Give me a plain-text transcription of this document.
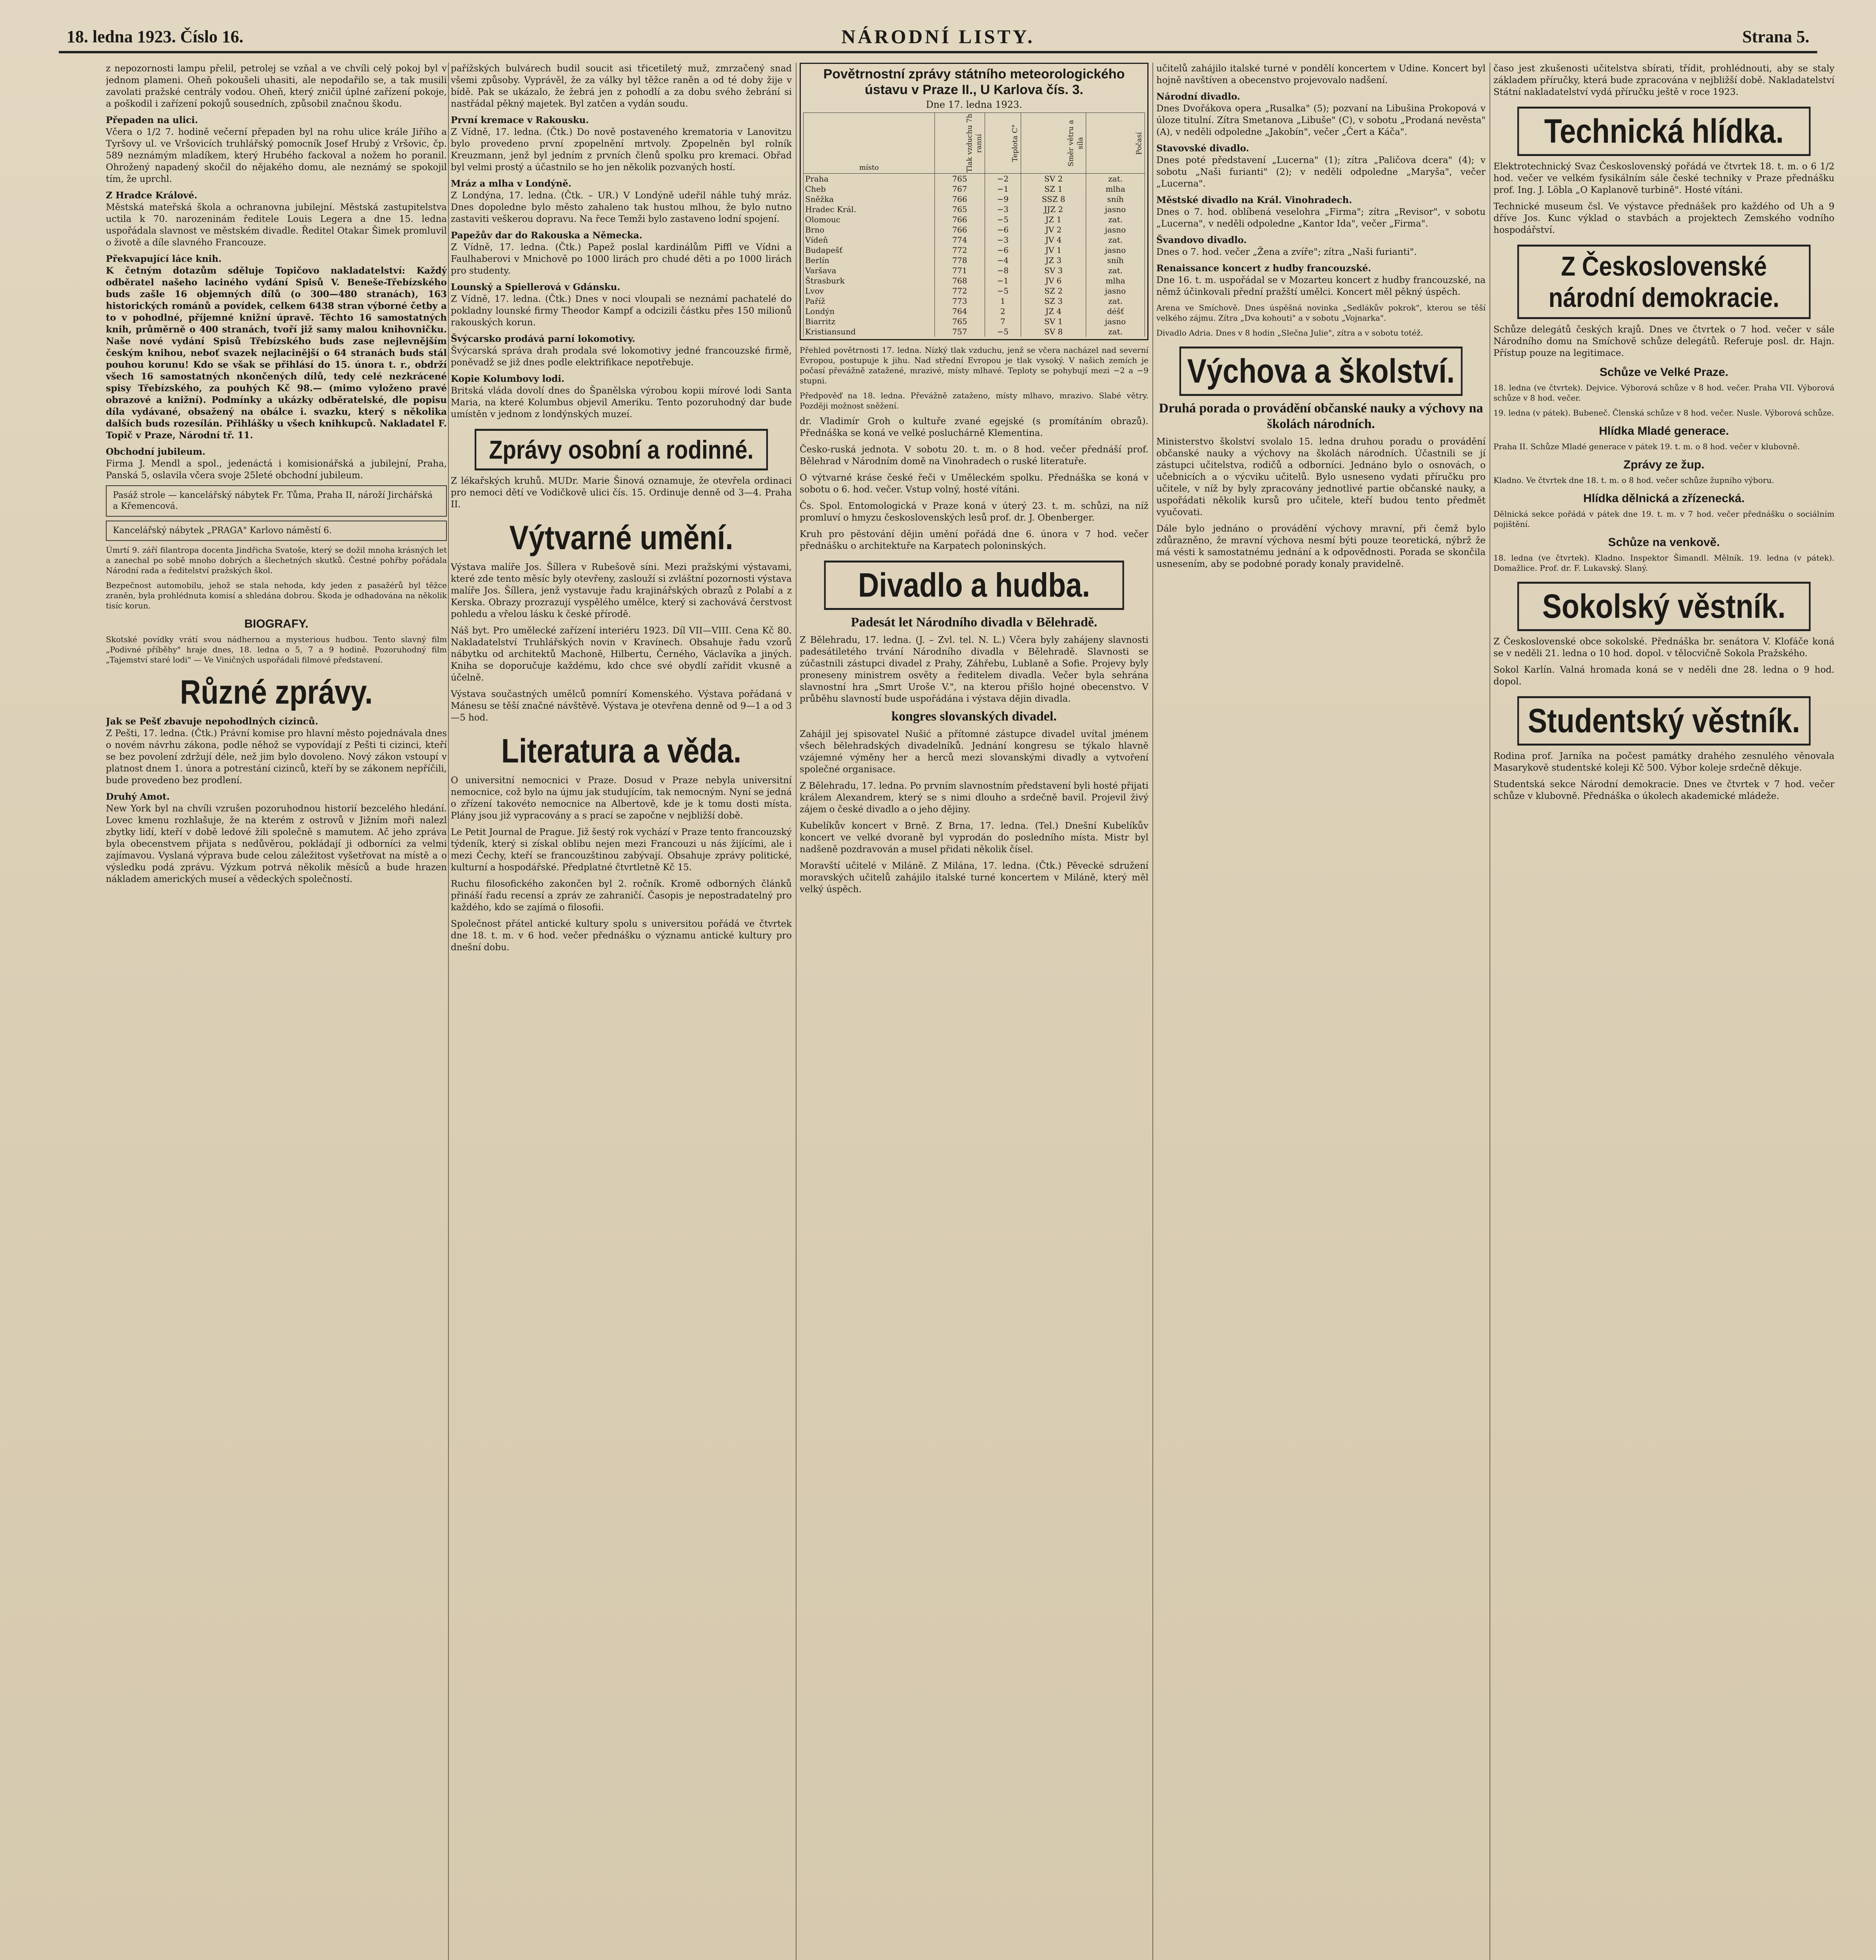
18. ledna 1923. Číslo 16.	NÁRODNÍ LISTY.	Strana 5.

z nepozornosti lampu přelil, petrolej se vzňal a ve chvíli celý pokoj byl v jednom plameni. Oheň pokoušeli uhasiti, ale nepodařilo se, a tak musili zavolati pražské centrály vodou. Oheň, který zničil úplné zařízení pokoje, a poškodil i zařízení pokojů sousedních, způsobil značnou škodu.

Přepaden na ulici.

Včera o 1/2 7. hodině večerní přepaden byl na rohu ulice krále Jiřího a Tyršovy ul. ve Vršovicích truhlářský pomocník Josef Hrubý z Vršovic, čp. 589 neznámým mladíkem, který Hrubého fackoval a nožem ho poranil. Ohrožený napadený skočil do nějakého domu, ale neznámý se spokojil tím, že uprchl.

Z Hradce Králové.

Městská mateřská škola a ochranovna jubilejní. Městská zastupitelstva uctila k 70. narozeninám ředitele Louis Legera a dne 15. ledna uspořádala slavnost ve městském divadle. Ředitel Otakar Šimek promluvil o životě a díle slavného Francouze.

Překvapující láce knih.

K četným dotazům sděluje Topičovo nakladatelství: Každý odběratel našeho laciného vydání Spisů V. Beneše-Třebízského buds zašle 16 objemných dílů (o 300—480 stranách), 163 historických románů a povídek, celkem 6438 stran výborné četby a to v pohodlné, příjemné knižní úpravě. Těchto 16 samostatných knih, průměrně o 400 stranách, tvoří již samy malou knihovničku. Naše nové vydání Spisů Třebízského buds zase nejlevnějším českým knihou, neboť svazek nejlacinější o 64 stranách buds stál pouhou korunu! Kdo se však se přihlásí do 15. února t. r., obdrží všech 16 samostatných nkončených dílů, tedy celé nezkrácené spisy Třebízského, za pouhých Kč 98.— (mimo vyloženo pravé obrazové a knižní). Podmínky a ukázky odběratelské, dle popisu díla vydávané, obsažený na obálce i. svazku, který s několika dalších buds rozesílán. Přihlášky u všech knihkupců. Nakladatel F. Topič v Praze, Národní tř. 11.

Obchodní jubileum.

Firma J. Mendl a spol., jedenáctá i komisionářská a jubilejní, Praha, Panská 5, oslavila včera svoje 25leté obchodní jubileum.

Pasáž strole — kancelářský nábytek Fr. Tůma, Praha II, nároží Jirchářská a Křemencová.
Kancelářský nábytek „PRAGA" Karlovo náměstí 6.

Úmrtí 9. září filantropa docenta Jindřicha Svatoše, který se dožil mnoha krásných let a zanechal po sobě mnoho dobrých a šlechetných skutků. Čestné pohřby pořádala Národní rada a ředitelství pražských škol.

Bezpečnost automobilu, jehož se stala nehoda, kdy jeden z pasažérů byl těžce zraněn, byla prohlédnuta komisí a shledána dobrou. Škoda je odhadována na několik tisíc korun.

BIOGRAFY.

Skotské povídky vrátí svou nádhernou a mysterious hudbou. Tento slavný film „Podivné příběhy" hraje dnes, 18. ledna o 5, 7 a 9 hodině. Pozoruhodný film „Tajemství staré lodi" — Ve Viničných uspořádali filmové představení.

Různé zprávy.

Jak se Pešť zbavuje nepohodlných cizinců.

Z Pešti, 17. ledna. (Čtk.) Právní komise pro hlavní město pojednávala dnes o novém návrhu zákona, podle něhož se vypovídají z Pešti ti cizinci, kteří se bez povolení zdržují déle, než jim bylo dovoleno. Nový zákon vstoupí v platnost dnem 1. února a potrestání cizinců, kteří by se zákonem nepříčili, bude provedeno bez prodlení.

Druhý Amot.

New York byl na chvíli vzrušen pozoruhodnou historií bezcelého hledání. Lovec kmenu rozhlašuje, že na kterém z ostrovů v Jižním moři nalezl zbytky lidí, kteří v době ledové žili společně s mamutem. Ač jeho zpráva byla obecenstvem přijata s nedůvěrou, pokládají ji odborníci za velmi zajímavou. Vyslaná výprava bude celou záležitost vyšetřovat na místě a o výsledku podá zprávu. Výzkum potrvá několik měsíců a bude hrazen nákladem amerických museí a vědeckých společností.

pařížských bulvárech budil soucit asi třicetiletý muž, zmrzačený snad všemi způsoby. Vyprávěl, že za války byl těžce raněn a od té doby žije v bídě. Pak se ukázalo, že žebrá jen z pohodlí a za dobu svého žebrání si nastřádal pěkný majetek. Byl zatčen a vydán soudu.

První kremace v Rakousku.

Z Vídně, 17. ledna. (Čtk.) Do nově postaveného krematoria v Lanovitzu bylo provedeno první zpopelnění mrtvoly. Zpopelněn byl rolník Kreuzmann, jenž byl jedním z prvních členů spolku pro kremaci. Obřad byl velmi prostý a účastnilo se ho jen několik pozvaných hostí.

Mráz a mlha v Londýně.

Z Londýna, 17. ledna. (Čtk. – UR.) V Londýně udeřil náhle tuhý mráz. Dnes dopoledne bylo město zahaleno tak hustou mlhou, že bylo nutno zastaviti veškerou dopravu. Na řece Temži bylo zastaveno lodní spojení.

Papežův dar do Rakouska a Německa.

Z Vídně, 17. ledna. (Čtk.) Papež poslal kardinálům Piffl ve Vídni a Faulhaberovi v Mnichově po 1000 lirách pro chudé děti a po 1000 lirách pro studenty.

Lounský a Spiellerová v Gdánsku.

Z Vídně, 17. ledna. (Čtk.) Dnes v noci vloupali se neznámí pachatelé do pokladny lounské firmy Theodor Kampf a odcizili částku přes 150 milionů rakouských korun.

Švýcarsko prodává parní lokomotivy.

Švýcarská správa drah prodala své lokomotivy jedné francouzské firmě, poněvadž se již dnes podle elektrifikace nepotřebuje.

Kopie Kolumbovy lodi.

Britská vláda dovolí dnes do Španělska výrobou kopii mírové lodi Santa Maria, na které Kolumbus objevil Ameriku. Tento pozoruhodný dar bude umístěn v jednom z londýnských muzeí.

Zprávy osobní a rodinné.

Z lékařských kruhů. MUDr. Marie Šinová oznamuje, že otevřela ordinaci pro nemoci dětí ve Vodičkově ulici čís. 15. Ordinuje denně od 3—4. Praha II.

Výtvarné umění.

Výstava malíře Jos. Šíllera v Rubešově síni. Mezi pražskými výstavami, které zde tento měsíc byly otevřeny, zaslouží si zvláštní pozornosti výstava malíře Jos. Šíllera, jenž vystavuje řadu krajinářských obrazů z Polabí a z Kerska. Obrazy prozrazují vyspělého umělce, který si zachovává čerstvost pohledu a vřelou lásku k české přírodě.

Náš byt. Pro umělecké zařízení interiéru 1923. Díl VII—VIII. Cena Kč 80. Nakladatelství Truhlářských novin v Kravínech. Obsahuje řadu vzorů nábytku od architektů Machoně, Hilbertu, Černého, Václavíka a jiných. Kniha se doporučuje každému, kdo chce své obydlí zařídit vkusně a účelně.

Výstava součastných umělců pomnírí Komenského. Výstava pořádaná v Mánesu se těší značné návštěvě. Výstava je otevřena denně od 9—1 a od 3—5 hod.

Literatura a věda.

O universitní nemocnici v Praze. Dosud v Praze nebyla universitní nemocnice, což bylo na újmu jak studujícím, tak nemocným. Nyní se jedná o zřízení takovéto nemocnice na Albertově, kde je k tomu dosti místa. Plány jsou již vypracovány a s prací se započne v nejbližší době.

Le Petit Journal de Prague. Již šestý rok vychází v Praze tento francouzský týdeník, který si získal oblibu nejen mezi Francouzi u nás žijícími, ale i mezi Čechy, kteří se francouzštinou zabývají. Obsahuje zprávy politické, kulturní a hospodářské. Předplatné čtvrtletně Kč 15.

Ruchu filosofického zakončen byl 2. ročník. Kromě odborných článků přináší řadu recensí a zpráv ze zahraničí. Časopis je nepostradatelný pro každého, kdo se zajímá o filosofii.

Společnost přátel antické kultury spolu s universitou pořádá ve čtvrtek dne 18. t. m. v 6 hod. večer přednášku o významu antické kultury pro dnešní dobu.

Povětrnostní zprávy státního meteorologického ústavu v Praze II., U Karlova čís. 3.
Dne 17. ledna 1923.
místo	Tlak vzduchu 7h ranní	Teplota C°	Směr větru a síla	Počasí
Praha	765	−2	SV 2	zat.
Cheb	767	−1	SZ 1	mlha
Sněžka	766	−9	SSZ 8	sníh
Hradec Král.	765	−3	JJZ 2	jasno
Olomouc	766	−5	JZ 1	zat.
Brno	766	−6	JV 2	jasno
Vídeň	774	−3	JV 4	zat.
Budapešť	772	−6	JV 1	jasno
Berlín	778	−4	JZ 3	sníh
Varšava	771	−8	SV 3	zat.
Štrasburk	768	−1	JV 6	mlha
Lvov	772	−5	SZ 2	jasno
Paříž	773	1	SZ 3	zat.
Londýn	764	2	JZ 4	déšť
Biarritz	765	7	SV 1	jasno
Kristiansund	757	−5	SV 8	zat.

Přehled povětrnosti 17. ledna. Nízký tlak vzduchu, jenž se včera nacházel nad severní Evropou, postupuje k jihu. Nad střední Evropou je tlak vysoký. V našich zemích je počasí převážně zatažené, mrazivé, místy mlhavé. Teploty se pohybují mezi −2 a −9 stupni.

Předpověď na 18. ledna. Převážně zataženo, místy mlhavo, mrazivo. Slabé větry. Později možnost sněžení.

dr. Vladimír Groh o kultuře zvané egejské (s promítáním obrazů). Přednáška se koná ve velké posluchárně Klementina.

Česko-ruská jednota. V sobotu 20. t. m. o 8 hod. večer přednáší prof. Bělehrad v Národním domě na Vinohradech o ruské literatuře.

O výtvarné kráse české řeči v Uměleckém spolku. Přednáška se koná v sobotu o 6. hod. večer. Vstup volný, hosté vítáni.

Čs. Spol. Entomologická v Praze koná v úterý 23. t. m. schůzi, na níž promluví o hmyzu československých lesů prof. dr. J. Obenberger.

Kruh pro pěstování dějin umění pořádá dne 6. února v 7 hod. večer přednášku o architektuře na Karpatech poloninských.

Divadlo a hudba.
Padesát let Národního divadla v Bělehradě.

Z Bělehradu, 17. ledna. (J. – Zvl. tel. N. L.) Včera byly zahájeny slavnosti padesátiletého trvání Národního divadla v Bělehradě. Slavnosti se zúčastnili zástupci divadel z Prahy, Záhřebu, Lublaně a Sofie. Projevy byly proneseny ministrem osvěty a ředitelem divadla. Večer byla sehrána slavnostní hra „Smrt Uroše V.", na kterou přišlo hojné obecenstvo. V průběhu slavností bude uspořádána i výstava dějin divadla.

kongres slovanských divadel.

Zahájil jej spisovatel Nušić a přítomné zástupce divadel uvítal jménem všech bělehradských divadelníků. Jednání kongresu se týkalo hlavně vzájemné výměny her a herců mezi slovanskými divadly a vytvoření společné organisace.

Z Bělehradu, 17. ledna. Po prvním slavnostním představení byli hosté přijati králem Alexandrem, který se s nimi dlouho a srdečně bavil. Projevil živý zájem o české divadlo a o jeho dějiny.

Kubelíkův koncert v Brně. Z Brna, 17. ledna. (Tel.) Dnešní Kubelíkův koncert ve velké dvoraně byl vyprodán do posledního místa. Mistr byl nadšeně pozdravován a musel přidati několik čísel.

Moravští učitelé v Miláně. Z Milána, 17. ledna. (Čtk.) Pěvecké sdružení moravských učitelů zahájilo italské turné koncertem v Miláně, který měl velký úspěch.

učitelů zahájilo italské turné v pondělí koncertem v Udine. Koncert byl hojně navštíven a obecenstvo projevovalo nadšení.

Národní divadlo.

Dnes Dvořákova opera „Rusalka" (5); pozvaní na Libušina Prokopová v úloze titulní. Zítra Smetanova „Libuše" (C), v sobotu „Prodaná nevěsta" (A), v neděli odpoledne „Jakobín", večer „Čert a Káča".

Stavovské divadlo.

Dnes poté představení „Lucerna" (1); zítra „Paličova dcera" (4); v sobotu „Naši furianti" (2); v neděli odpoledne „Maryša", večer „Lucerna".

Městské divadlo na Král. Vinohradech.

Dnes o 7. hod. oblíbená veselohra „Firma"; zítra „Revisor", v sobotu „Lucerna", v neděli odpoledne „Kantor Ida", večer „Firma".

Švandovo divadlo.

Dnes o 7. hod. večer „Žena a zvíře"; zítra „Naši furianti".

Renaissance koncert z hudby francouzské.

Dne 16. t. m. uspořádal se v Mozarteu koncert z hudby francouzské, na němž účinkovali přední pražští umělci. Koncert měl pěkný úspěch.

Arena ve Smíchově. Dnes úspěšná novinka „Sedlákův pokrok", kterou se těší velkého zájmu. Zítra „Dva kohouti" a v sobotu „Vojnarka".

Divadlo Adria. Dnes v 8 hodin „Slečna Julie", zítra a v sobotu totéž.

Výchova a školství.
Druhá porada o provádění občanské nauky a výchovy na školách národních.

Ministerstvo školství svolalo 15. ledna druhou poradu o provádění občanské nauky a výchovy na školách národních. Účastnili se jí zástupci učitelstva, rodičů a odborníci. Jednáno bylo o osnovách, o učebnicích a o výcviku učitelů. Bylo usneseno vydati příručku pro učitele, v níž by byly zpracovány jednotlivé partie občanské nauky, a uspořádati několik kursů pro učitele, kteří budou tento předmět vyučovati.

Dále bylo jednáno o provádění výchovy mravní, při čemž bylo zdůrazněno, že mravní výchova nesmí býti pouze teoretická, nýbrž že má vésti k samostatnému jednání a k odpovědnosti. Porada se skončila usnesením, aby se podobné porady konaly pravidelně.

časo jest zkušenosti učitelstva sbírati, třídit, prohlédnouti, aby se staly základem příručky, která bude zpracována v nejbližší době. Nakladatelství Státní nakladatelství vydá příručku ještě v roce 1923.

Technická hlídka.

Elektrotechnický Svaz Československý pořádá ve čtvrtek 18. t. m. o 6 1/2 hod. večer ve velkém fysikálním sále české techniky v Praze přednášku prof. Ing. J. Löbla „O Kaplanově turbině". Hosté vítáni.

Technické museum čsl. Ve výstavce přednášek pro každého od Uh a 9 dříve Jos. Kunc výklad o stavbách a projektech Zemského vodního hospodářství.

Z Československé národní demokracie.

Schůze delegátů českých krajů. Dnes ve čtvrtek o 7 hod. večer v sále Národního domu na Smíchově schůze delegátů. Referuje posl. dr. Hajn. Přístup pouze na legitimace.

Schůze ve Velké Praze.

18. ledna (ve čtvrtek). Dejvice. Výborová schůze v 8 hod. večer. Praha VII. Výborová schůze v 8 hod. večer.

19. ledna (v pátek). Bubeneč. Členská schůze v 8 hod. večer. Nusle. Výborová schůze.

Hlídka Mladé generace.

Praha II. Schůze Mladé generace v pátek 19. t. m. o 8 hod. večer v klubovně.

Zprávy ze žup.

Kladno. Ve čtvrtek dne 18. t. m. o 8 hod. večer schůze župního výboru.

Hlídka dělnická a zřízenecká.

Dělnická sekce pořádá v pátek dne 19. t. m. v 7 hod. večer přednášku o sociálním pojištění.

Schůze na venkově.

18. ledna (ve čtvrtek). Kladno. Inspektor Šimandl. Mělník. 19. ledna (v pátek). Domažlice. Prof. dr. F. Lukavský. Slaný.

Sokolský věstník.

Z Československé obce sokolské. Přednáška br. senátora V. Klofáče koná se v neděli 21. ledna o 10 hod. dopol. v tělocvičně Sokola Pražského.

Sokol Karlín. Valná hromada koná se v neděli dne 28. ledna o 9 hod. dopol.

Studentský věstník.

Rodina prof. Jarníka na počest památky drahého zesnulého věnovala Masarykově studentské koleji Kč 500. Výbor koleje srdečně děkuje.

Studentská sekce Národní demokracie. Dnes ve čtvrtek v 7 hod. večer schůze v klubovně. Přednáška o úkolech akademické mládeže.
